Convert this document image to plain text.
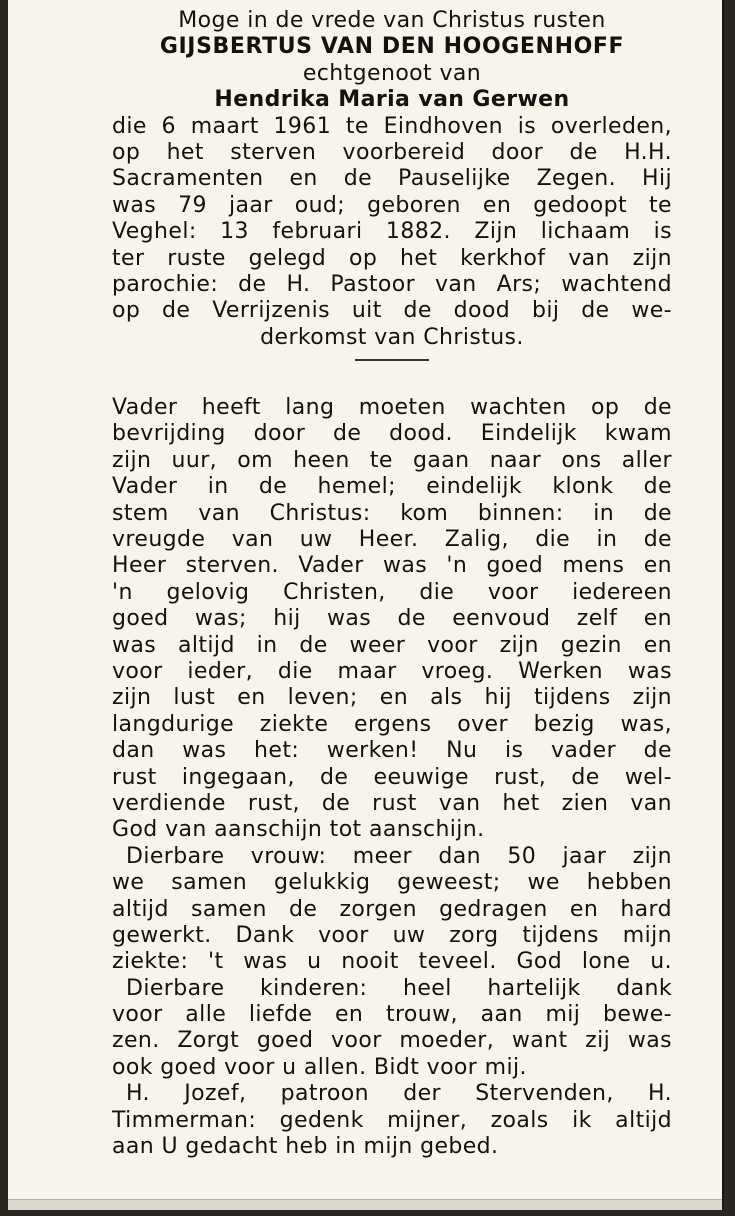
Moge in de vrede van Christus rusten
GIJSBERTUS VAN DEN HOOGENHOFF
echtgenoot van
Hendrika Maria van Gerwen
die 6 maart 1961 te Eindhoven is overleden,
op het sterven voorbereid door de H.H.
Sacramenten en de Pauselijke Zegen. Hij
was 79 jaar oud; geboren en gedoopt te
Veghel: 13 februari 1882. Zijn lichaam is
ter ruste gelegd op het kerkhof van zijn
parochie: de H. Pastoor van Ars; wachtend
op de Verrijzenis uit de dood bij de we-
derkomst van Christus.
Vader heeft lang moeten wachten op de
bevrijding door de dood. Eindelijk kwam
zijn uur, om heen te gaan naar ons aller
Vader in de hemel; eindelijk klonk de
stem van Christus: kom binnen: in de
vreugde van uw Heer. Zalig, die in de
Heer sterven. Vader was 'n goed mens en
'n gelovig Christen, die voor iedereen
goed was; hij was de eenvoud zelf en
was altijd in de weer voor zijn gezin en
voor ieder, die maar vroeg. Werken was
zijn lust en leven; en als hij tijdens zijn
langdurige ziekte ergens over bezig was,
dan was het: werken! Nu is vader de
rust ingegaan, de eeuwige rust, de wel-
verdiende rust, de rust van het zien van
God van aanschijn tot aanschijn.
Dierbare vrouw: meer dan 50 jaar zijn
we samen gelukkig geweest; we hebben
altijd samen de zorgen gedragen en hard
gewerkt. Dank voor uw zorg tijdens mijn
ziekte: 't was u nooit teveel. God lone u.
Dierbare kinderen: heel hartelijk dank
voor alle liefde en trouw, aan mij bewe-
zen. Zorgt goed voor moeder, want zij was
ook goed voor u allen. Bidt voor mij.
H. Jozef, patroon der Stervenden, H.
Timmerman: gedenk mijner, zoals ik altijd
aan U gedacht heb in mijn gebed.
